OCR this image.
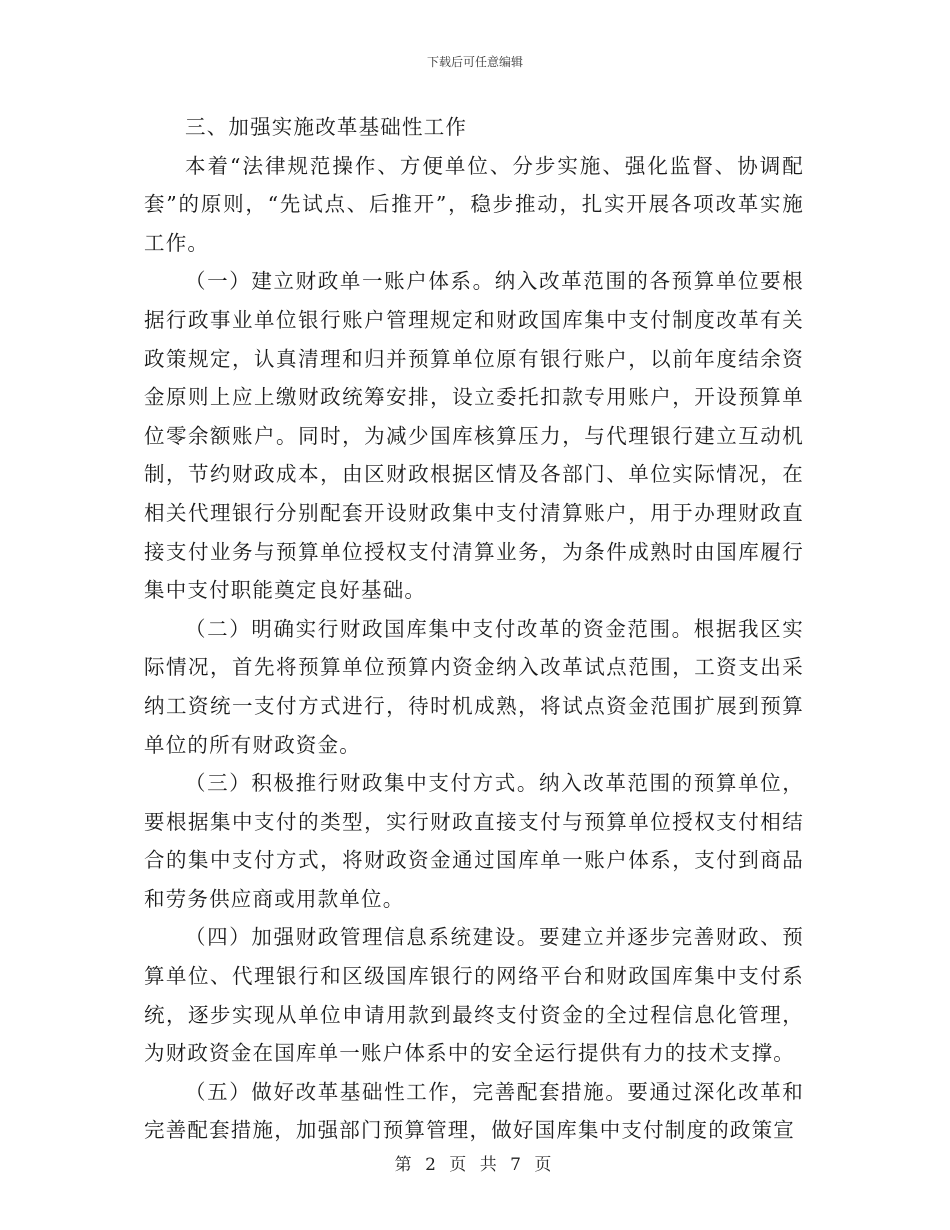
下载后可任意编辑

三、加强实施改革基础性工作

本着“法律规范操作、方便单位、分步实施、强化监督、协调配套”的原则，“先试点、后推开”，稳步推动，扎实开展各项改革实施工作。

（一）建立财政单一账户体系。纳入改革范围的各预算单位要根据行政事业单位银行账户管理规定和财政国库集中支付制度改革有关政策规定，认真清理和归并预算单位原有银行账户，以前年度结余资金原则上应上缴财政统筹安排，设立委托扣款专用账户，开设预算单位零余额账户。同时，为减少国库核算压力，与代理银行建立互动机制，节约财政成本，由区财政根据区情及各部门、单位实际情况，在相关代理银行分别配套开设财政集中支付清算账户，用于办理财政直接支付业务与预算单位授权支付清算业务，为条件成熟时由国库履行集中支付职能奠定良好基础。

（二）明确实行财政国库集中支付改革的资金范围。根据我区实际情况，首先将预算单位预算内资金纳入改革试点范围，工资支出采纳工资统一支付方式进行，待时机成熟，将试点资金范围扩展到预算单位的所有财政资金。

（三）积极推行财政集中支付方式。纳入改革范围的预算单位，要根据集中支付的类型，实行财政直接支付与预算单位授权支付相结合的集中支付方式，将财政资金通过国库单一账户体系，支付到商品和劳务供应商或用款单位。

（四）加强财政管理信息系统建设。要建立并逐步完善财政、预算单位、代理银行和区级国库银行的网络平台和财政国库集中支付系统，逐步实现从单位申请用款到最终支付资金的全过程信息化管理，为财政资金在国库单一账户体系中的安全运行提供有力的技术支撑。

（五）做好改革基础性工作，完善配套措施。要通过深化改革和完善配套措施，加强部门预算管理，做好国库集中支付制度的政策宣

第 2 页 共 7 页
